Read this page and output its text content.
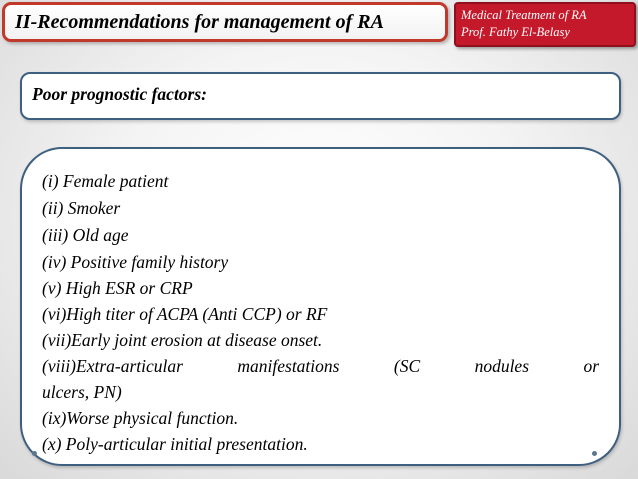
II-Recommendations for management of RA	Medical Treatment of RA
Prof. Fathy El-Belasy
Poor prognostic factors:
(i) Female patient
(ii) Smoker
(iii) Old age
(iv) Positive family history
(v) High ESR or CRP
(vi)High titer of ACPA (Anti CCP) or RF
(vii)Early joint erosion at disease onset.
(viii)Extra-articular	manifestations	(SC	nodules	or
ulcers, PN)
(ix)Worse physical function.
(x) Poly-articular initial presentation.
